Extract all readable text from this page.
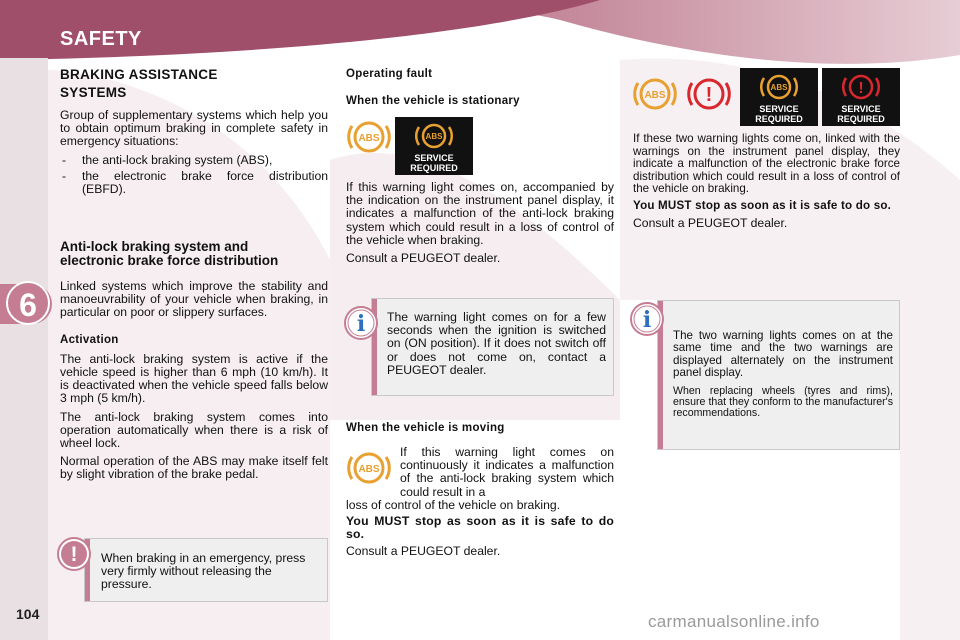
SAFETY
6
BRAKING ASSISTANCE SYSTEMS

Group of supplementary systems which help you to obtain optimum braking in complete safety in emergency situations:

- the anti-lock braking system (ABS),
- the electronic brake force distribution (EBFD).
Anti-lock braking system and electronic brake force distribution

Linked systems which improve the stability and manoeuvrability of your vehicle when braking, in particular on poor or slippery surfaces.

Activation

The anti-lock braking system is active if the vehicle speed is higher than 6 mph (10 km/h). It is deactivated when the vehicle speed falls below 3 mph (5 km/h).

The anti-lock braking system comes into operation automatically when there is a risk of wheel lock.

Normal operation of the ABS may make itself felt by slight vibration of the brake pedal.

! When braking in an emergency, press very firmly without releasing the pressure.

Operating fault
When the vehicle is stationary
ABS	ABS
SERVICE
REQUIRED

If this warning light comes on, accompanied by the indication on the instrument panel display, it indicates a malfunction of the anti-lock braking system which could result in a loss of control of the vehicle when braking.

Consult a PEUGEOT dealer.

i The warning light comes on for a few seconds when the ignition is switched on (ON position). If it does not switch off or does not come on, contact a PEUGEOT dealer.

When the vehicle is moving
ABS

If this warning light comes on continuously it indicates a malfunction of the anti-lock braking system which could result in a

loss of control of the vehicle on braking.

You MUST stop as soon as it is safe to do so.

Consult a PEUGEOT dealer.

ABS !	ABS
SERVICE
REQUIRED
!
SERVICE
REQUIRED

If these two warning lights come on, linked with the warnings on the instrument panel display, they indicate a malfunction of the electronic brake force distribution which could result in a loss of control of the vehicle on braking.

You MUST stop as soon as it is safe to do so.

Consult a PEUGEOT dealer.

i

The two warning lights comes on at the same time and the two warnings are displayed alternately on the instrument panel display.

When replacing wheels (tyres and rims), ensure that they conform to the manufacturer's recommendations.

104	carmanualsonline.info
